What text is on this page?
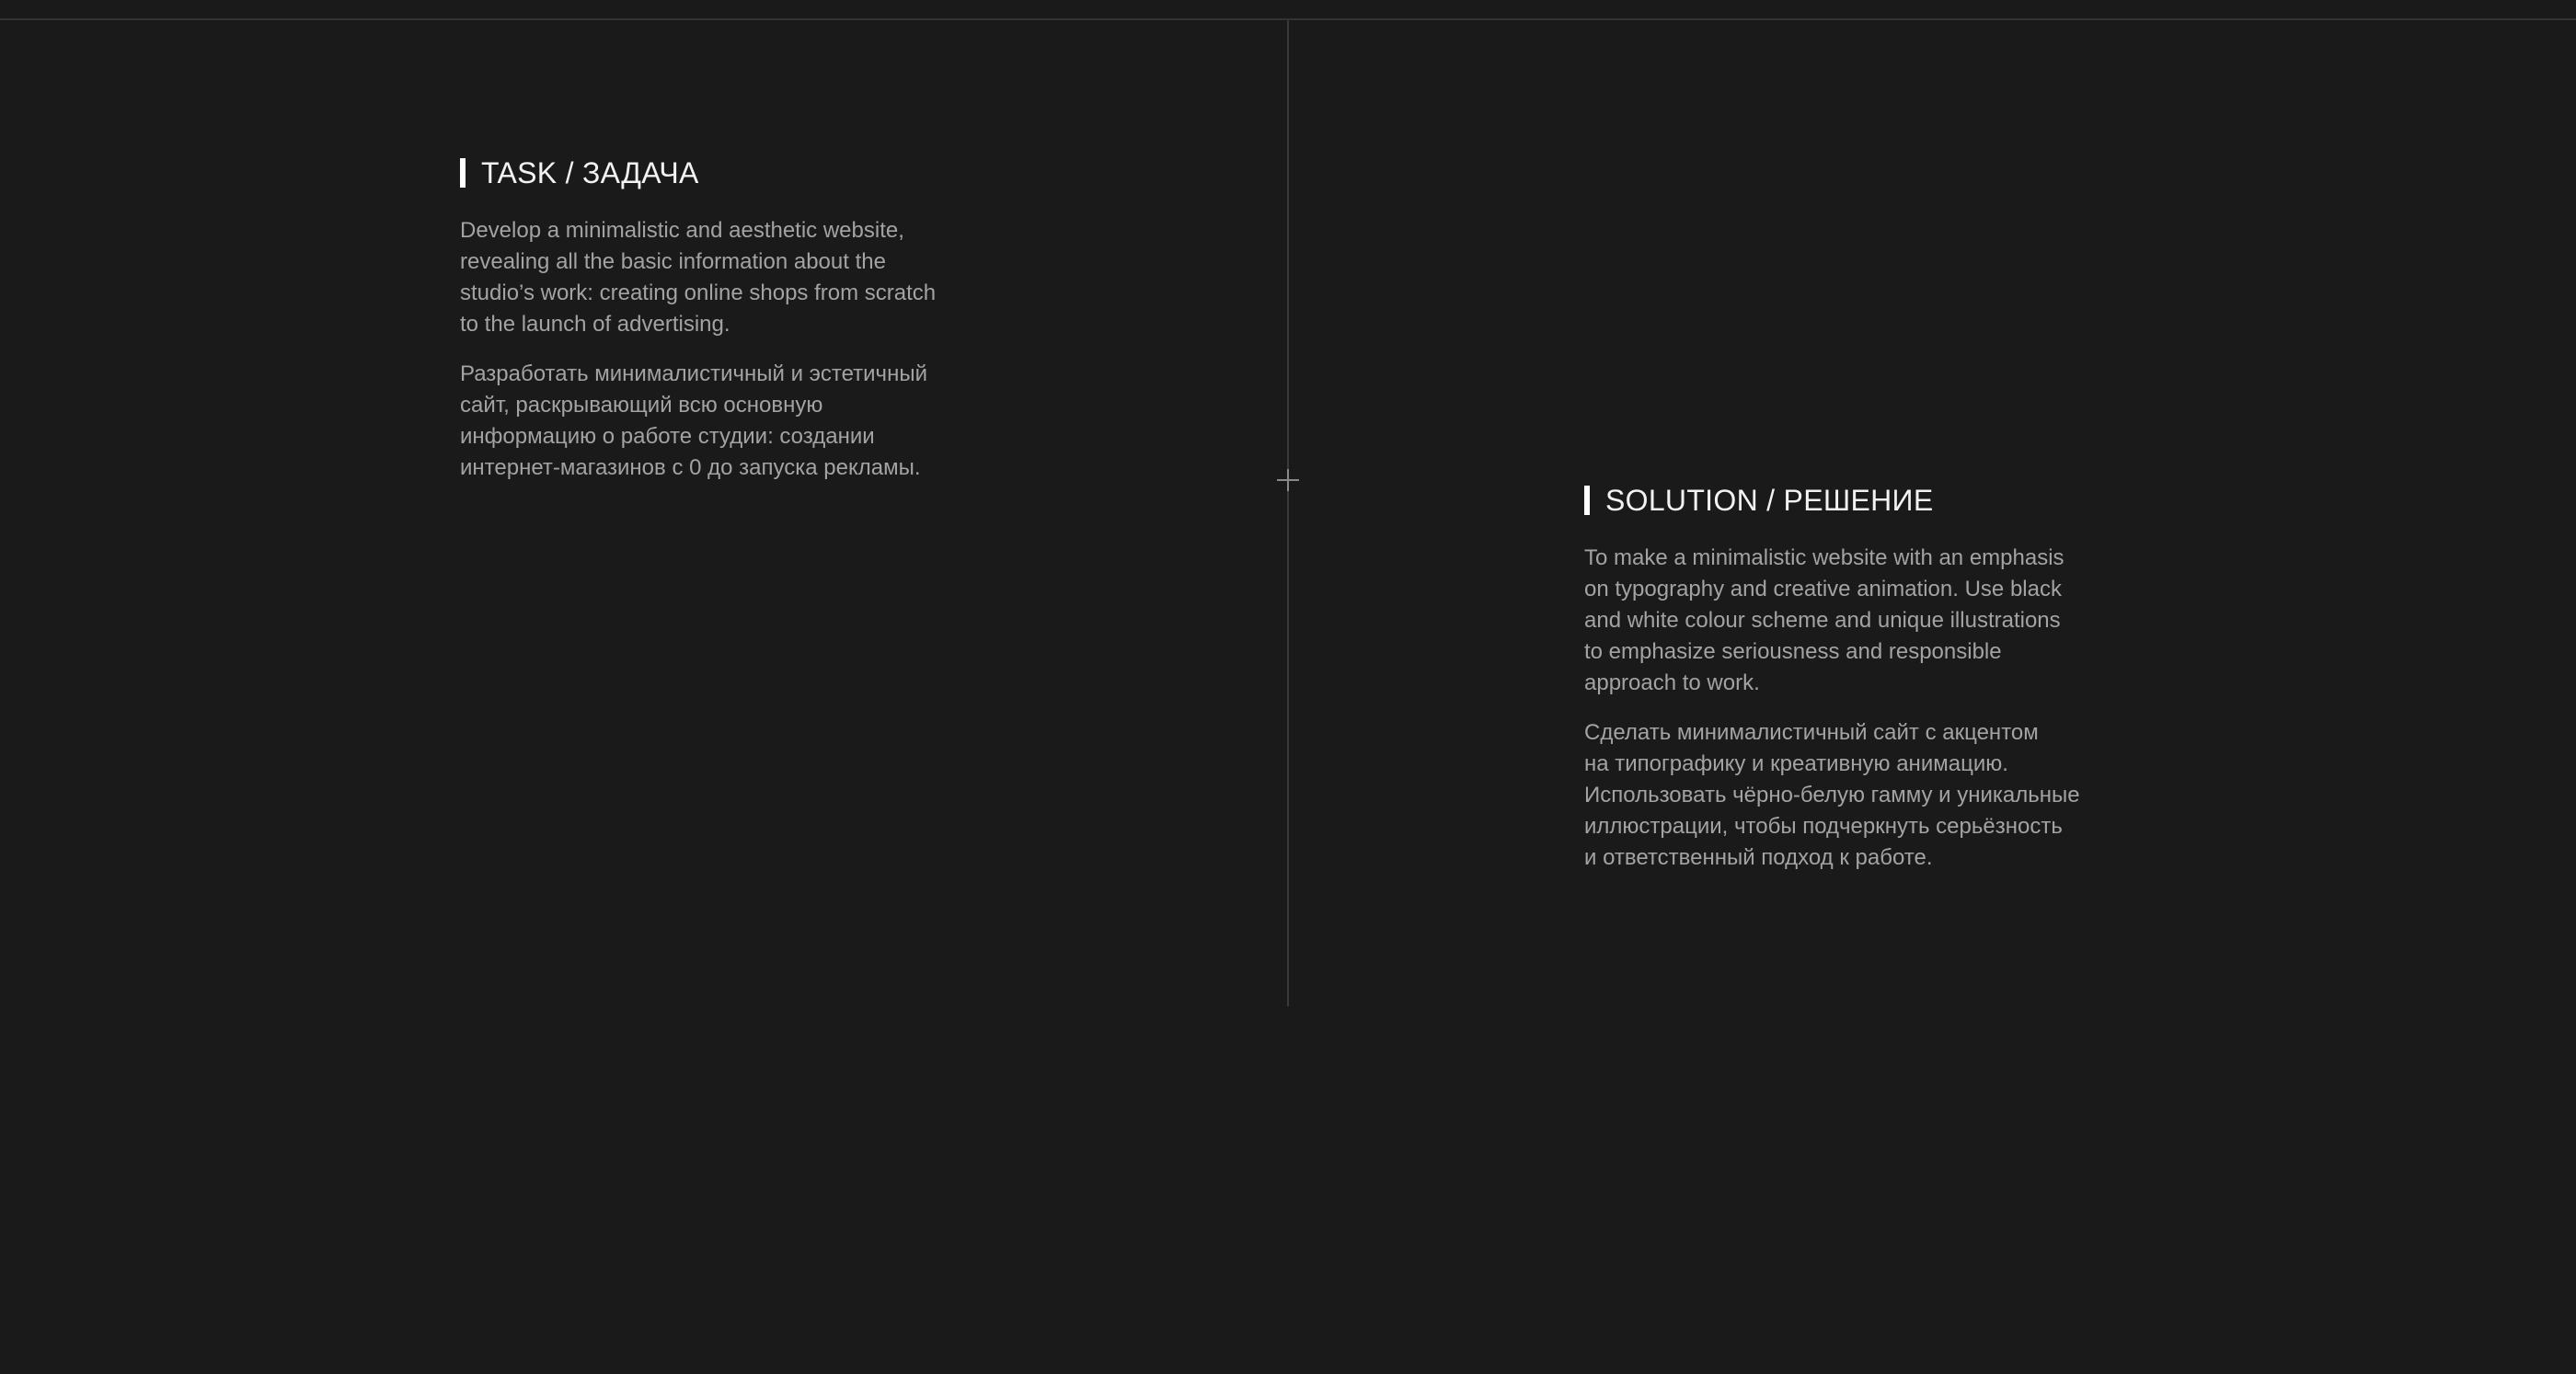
TASK / ЗАДАЧА

Develop a minimalistic and aesthetic website,
revealing all the basic information about the
studio’s work: creating online shops from scratch
to the launch of advertising.

Разработать минималистичный и эстетичный
сайт, раскрывающий всю основную
информацию о работе студии: создании
интернет-магазинов с 0 до запуска рекламы.

SOLUTION / РЕШЕНИЕ

To make a minimalistic website with an emphasis
on typography and creative animation. Use black
and white colour scheme and unique illustrations
to emphasize seriousness and responsible
approach to work.

Сделать минималистичный сайт с акцентом
на типографику и креативную анимацию.
Использовать чёрно-белую гамму и уникальные
иллюстрации, чтобы подчеркнуть серьёзность
и ответственный подход к работе.
